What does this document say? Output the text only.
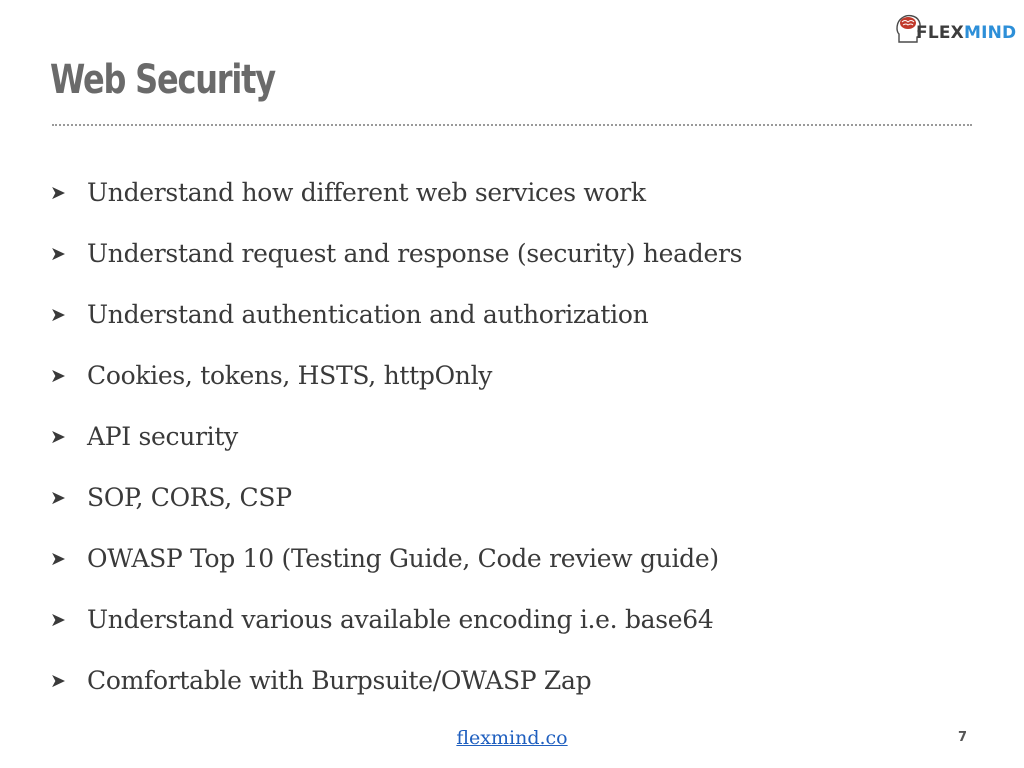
FLEXMIND
Web Security
➤ Understand how different web services work
➤ Understand request and response (security) headers
➤ Understand authentication and authorization
➤ Cookies, tokens, HSTS, httpOnly
➤ API security
➤ SOP, CORS, CSP
➤ OWASP Top 10 (Testing Guide, Code review guide)
➤ Understand various available encoding i.e. base64
➤ Comfortable with Burpsuite/OWASP Zap
flexmind.co	7
